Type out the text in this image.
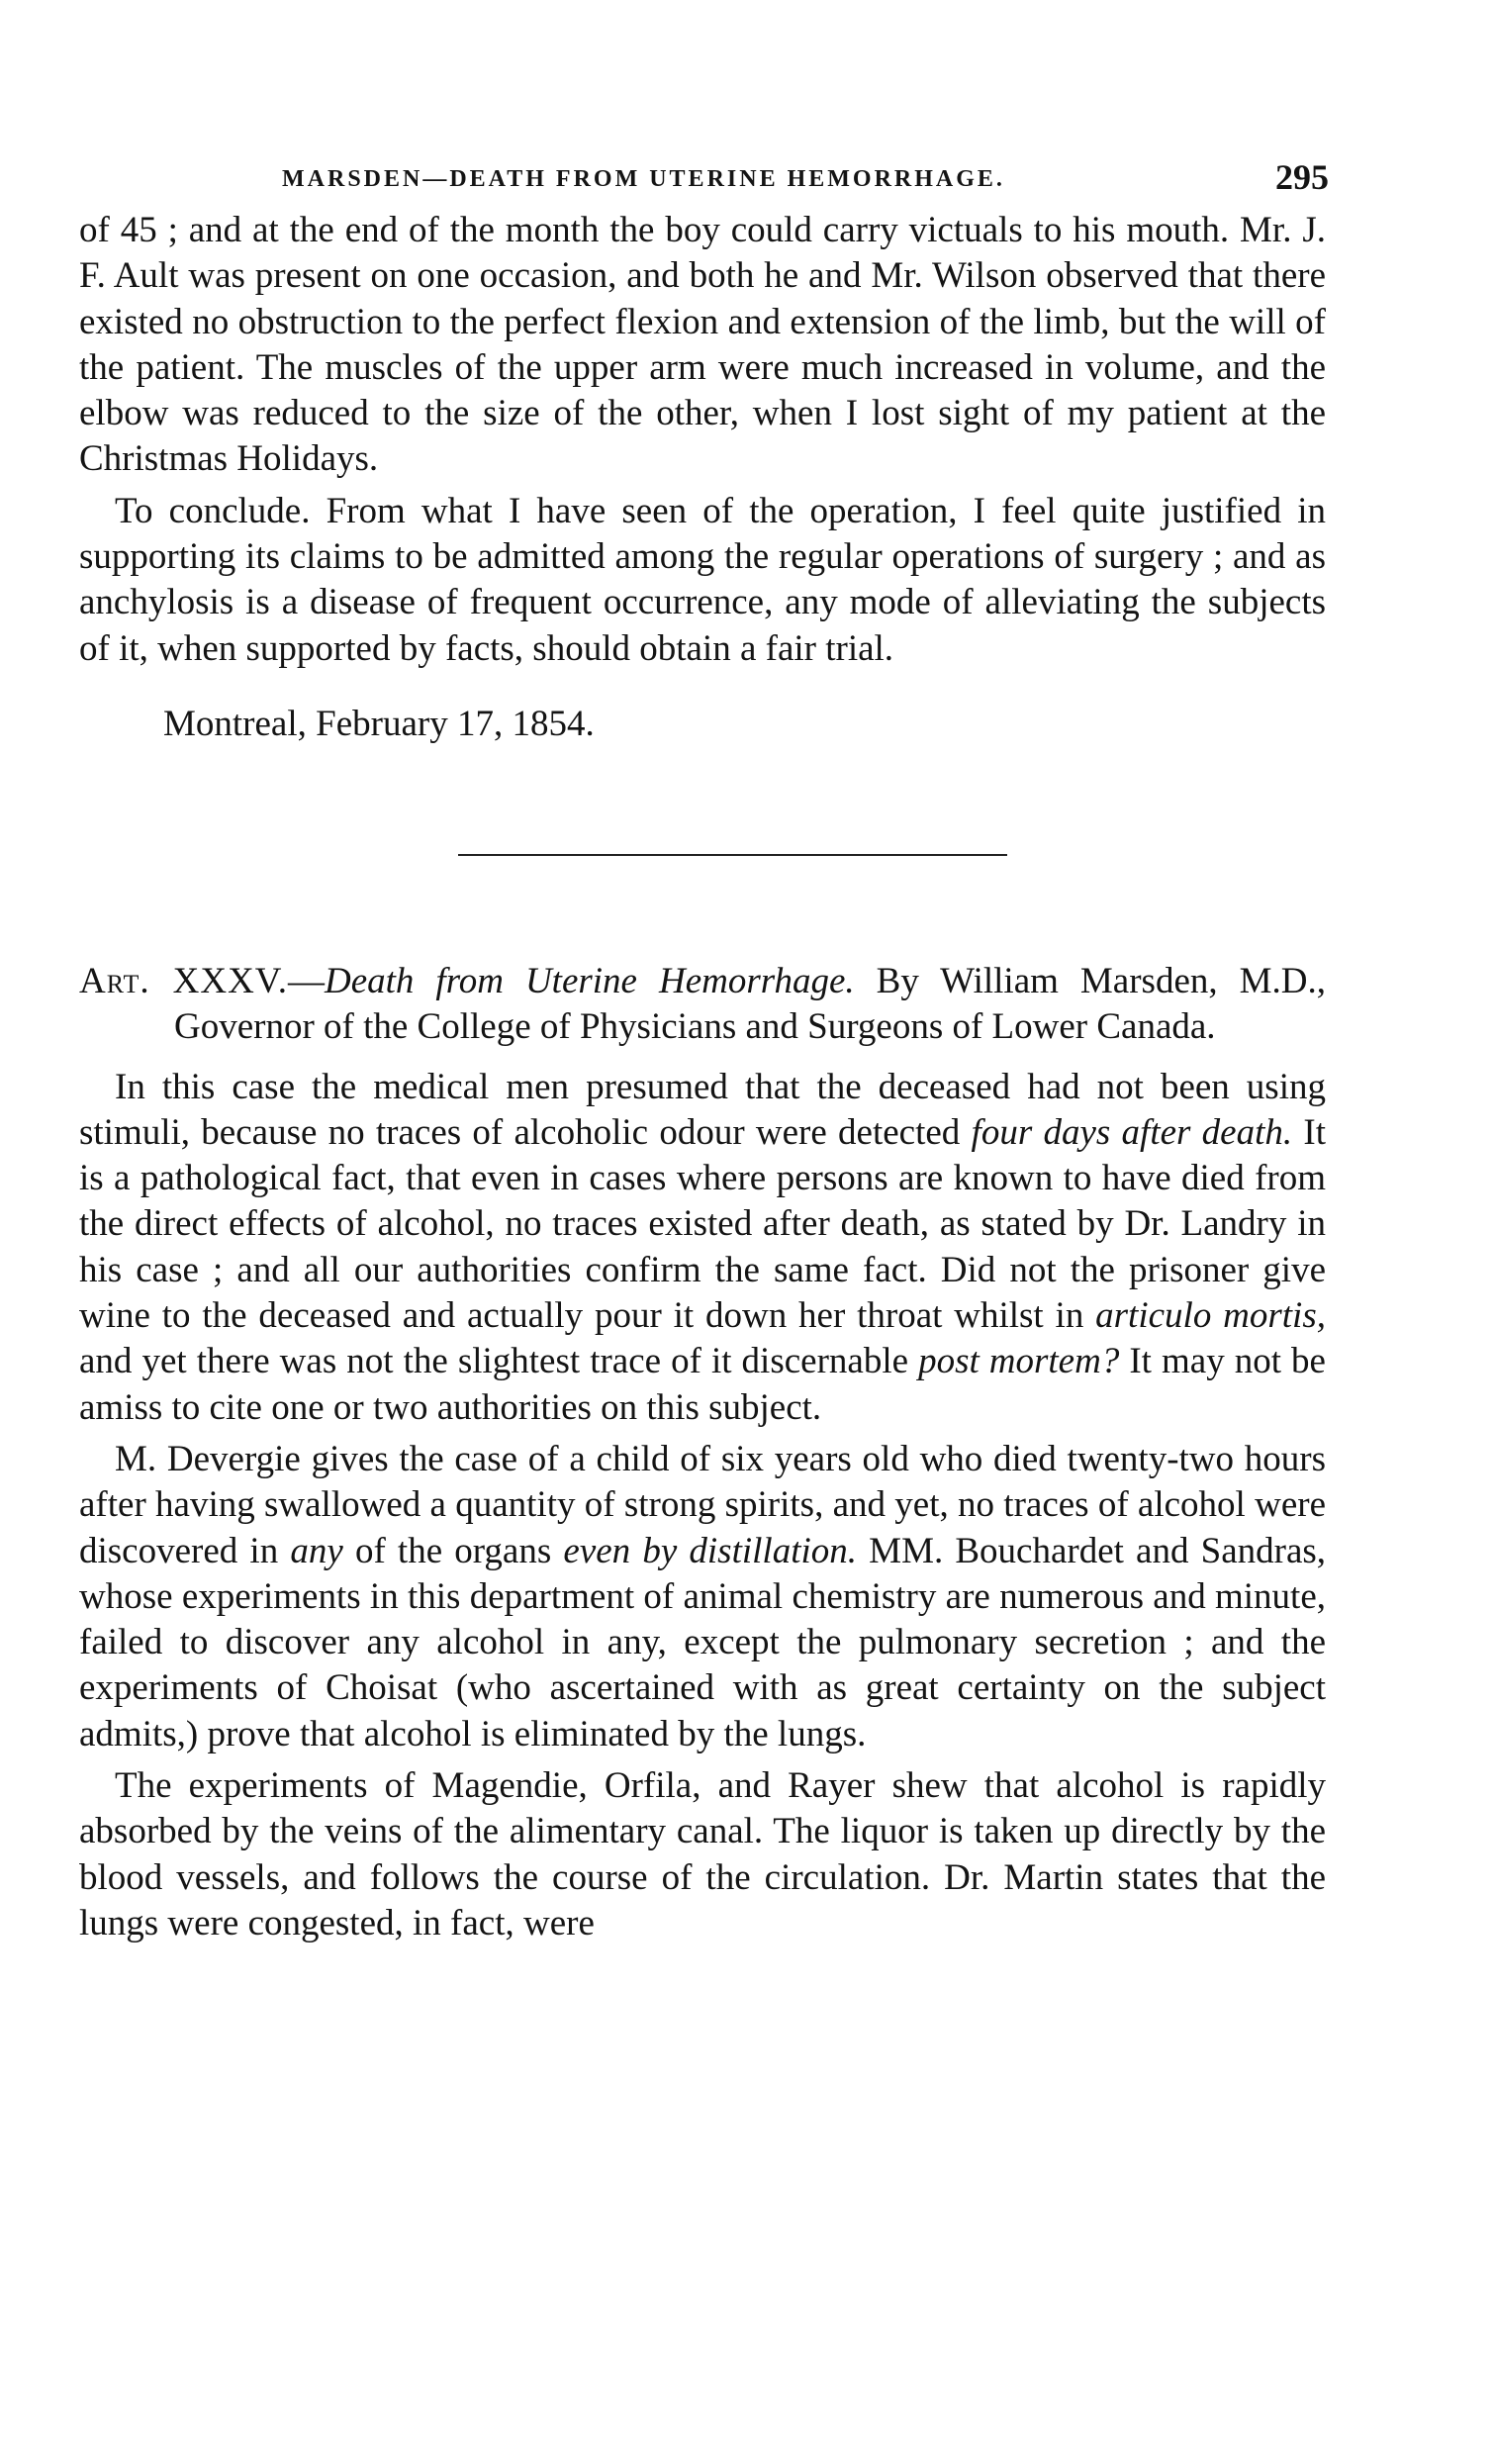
MARSDEN—DEATH FROM UTERINE HEMORRHAGE.	295

of 45 ; and at the end of the month the boy could carry victuals to his mouth. Mr. J. F. Ault was present on one occasion, and both he and Mr. Wilson observed that there existed no obstruction to the perfect flexion and extension of the limb, but the will of the patient. The muscles of the upper arm were much increased in volume, and the elbow was reduced to the size of the other, when I lost sight of my patient at the Christmas Holidays.

To conclude. From what I have seen of the operation, I feel quite justified in supporting its claims to be admitted among the regular operations of surgery ; and as anchylosis is a disease of frequent occurrence, any mode of alleviating the subjects of it, when supported by facts, should obtain a fair trial.

Montreal, February 17, 1854.

Art. XXXV.—Death from Uterine Hemorrhage. By William Marsden, M.D., Governor of the College of Physicians and Surgeons of Lower Canada.

In this case the medical men presumed that the deceased had not been using stimuli, because no traces of alcoholic odour were detected four days after death. It is a pathological fact, that even in cases where persons are known to have died from the direct effects of alcohol, no traces existed after death, as stated by Dr. Landry in his case ; and all our authorities confirm the same fact. Did not the prisoner give wine to the deceased and actually pour it down her throat whilst in articulo mortis, and yet there was not the slightest trace of it discernable post mortem? It may not be amiss to cite one or two authorities on this subject.

M. Devergie gives the case of a child of six years old who died twenty-two hours after having swallowed a quantity of strong spirits, and yet, no traces of alcohol were discovered in any of the organs even by distillation. MM. Bouchardet and Sandras, whose experiments in this department of animal chemistry are numerous and minute, failed to discover any alcohol in any, except the pulmonary secretion ; and the experiments of Choisat (who ascertained with as great certainty on the subject admits,) prove that alcohol is eliminated by the lungs.

The experiments of Magendie, Orfila, and Rayer shew that alcohol is rapidly absorbed by the veins of the alimentary canal. The liquor is taken up directly by the blood vessels, and follows the course of the circulation. Dr. Martin states that the lungs were congested, in fact, were
